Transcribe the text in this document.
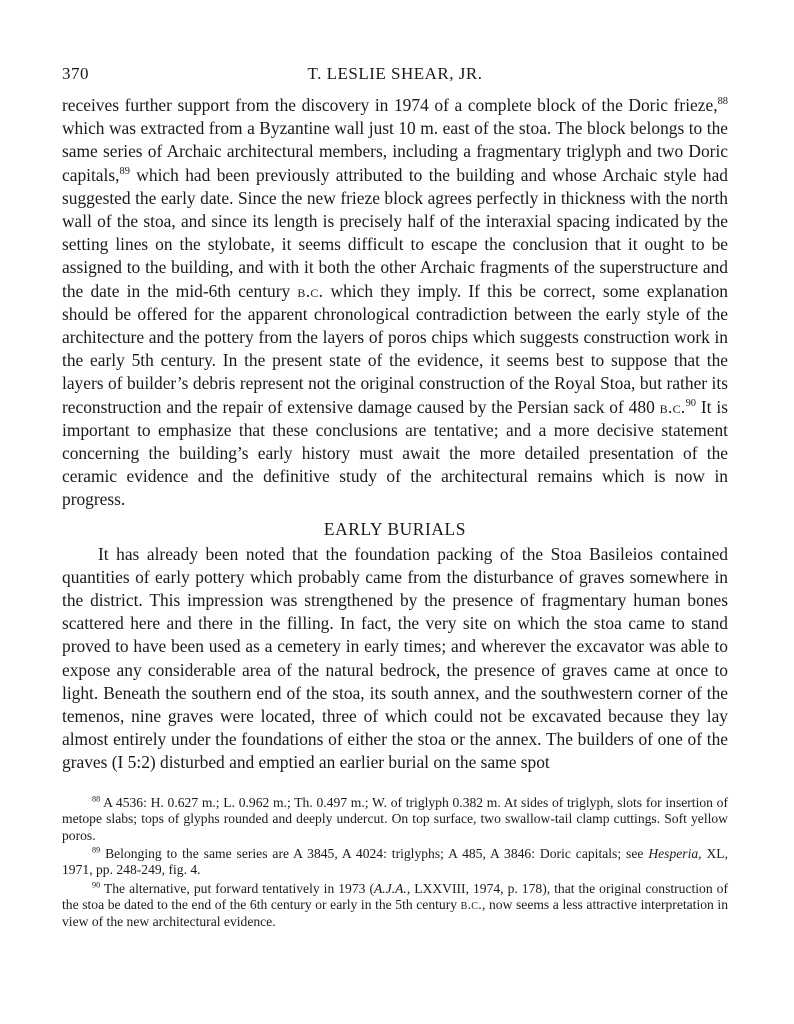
370	T. LESLIE SHEAR, JR.

receives further support from the discovery in 1974 of a complete block of the Doric frieze,$^{88}$ which was extracted from a Byzantine wall just 10 m. east of the stoa. The block belongs to the same series of Archaic architectural members, including a fragmentary triglyph and two Doric capitals,$^{89}$ which had been previously attributed to the building and whose Archaic style had suggested the early date. Since the new frieze block agrees perfectly in thickness with the north wall of the stoa, and since its length is precisely half of the interaxial spacing indicated by the setting lines on the stylobate, it seems difficult to escape the conclusion that it ought to be assigned to the building, and with it both the other Archaic fragments of the superstructure and the date in the mid-6th century b.c. which they imply. If this be correct, some explanation should be offered for the apparent chronological contradiction between the early style of the architecture and the pottery from the layers of poros chips which suggests construction work in the early 5th century. In the present state of the evidence, it seems best to suppose that the layers of builder’s debris represent not the original construction of the Royal Stoa, but rather its reconstruction and the repair of extensive damage caused by the Persian sack of 480 b.c.$^{90}$ It is important to emphasize that these conclusions are tentative; and a more decisive statement concerning the building’s early history must await the more detailed presentation of the ceramic evidence and the definitive study of the architectural remains which is now in progress.

EARLY BURIALS

It has already been noted that the foundation packing of the Stoa Basileios contained quantities of early pottery which probably came from the disturbance of graves somewhere in the district. This impression was strengthened by the presence of fragmentary human bones scattered here and there in the filling. In fact, the very site on which the stoa came to stand proved to have been used as a cemetery in early times; and wherever the excavator was able to expose any considerable area of the natural bedrock, the presence of graves came at once to light. Beneath the southern end of the stoa, its south annex, and the southwestern corner of the temenos, nine graves were located, three of which could not be excavated because they lay almost entirely under the foundations of either the stoa or the annex. The builders of one of the graves (I 5:2) disturbed and emptied an earlier burial on the same spot

$^{88}$ A 4536: H. 0.627 m.; L. 0.962 m.; Th. 0.497 m.; W. of triglyph 0.382 m. At sides of triglyph, slots for insertion of metope slabs; tops of glyphs rounded and deeply undercut. On top surface, two swallow-tail clamp cuttings. Soft yellow poros.

$^{89}$ Belonging to the same series are A 3845, A 4024: triglyphs; A 485, A 3846: Doric capitals; see Hesperia, XL, 1971, pp. 248-249, fig. 4.

$^{90}$ The alternative, put forward tentatively in 1973 (A.J.A., LXXVIII, 1974, p. 178), that the original construction of the stoa be dated to the end of the 6th century or early in the 5th century b.c., now seems a less attractive interpretation in view of the new architectural evidence.
